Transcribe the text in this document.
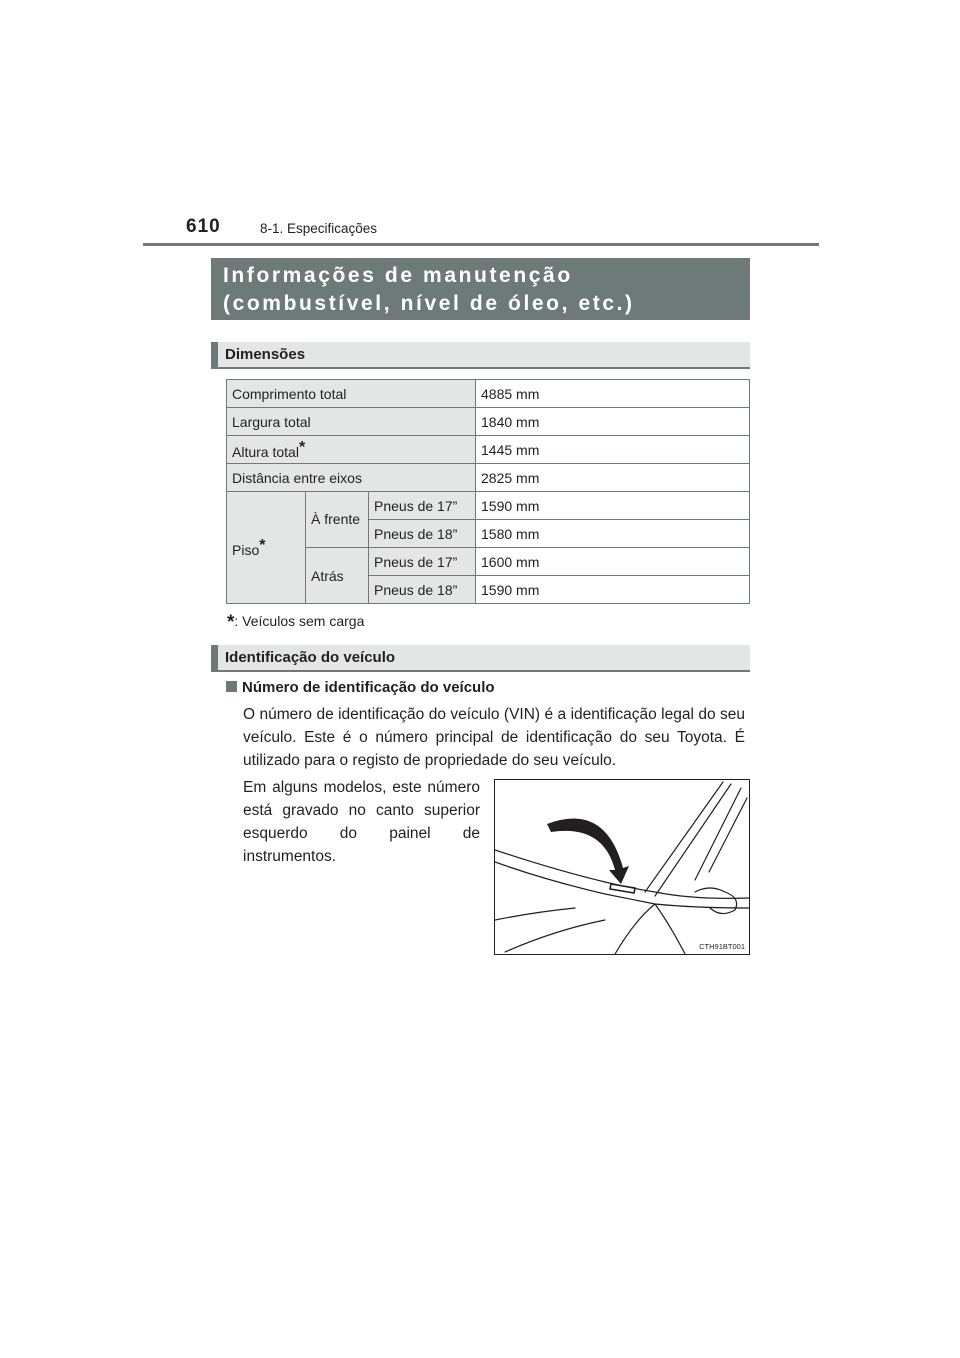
610	8-1. Especificações
Informações de manutenção
(combustível, nível de óleo, etc.)
Dimensões
Comprimento total			4885 mm
Largura total			1840 mm
Altura total*			1445 mm
Distância entre eixos			2825 mm
Piso*	À frente	Pneus de 17”	1590 mm
		Pneus de 18”	1580 mm
	Atrás	Pneus de 17”	1600 mm
		Pneus de 18”	1590 mm
*: Veículos sem carga
Identificação do veículo
Número de identificação do veículo
O número de identificação do veículo (VIN) é a identificação legal do seu veículo. Este é o número principal de identificação do seu Toyota. É utilizado para o registo de propriedade do seu veículo.
Em alguns modelos, este número está gravado no canto superior esquerdo do painel de instrumentos.
CTH91BT001
